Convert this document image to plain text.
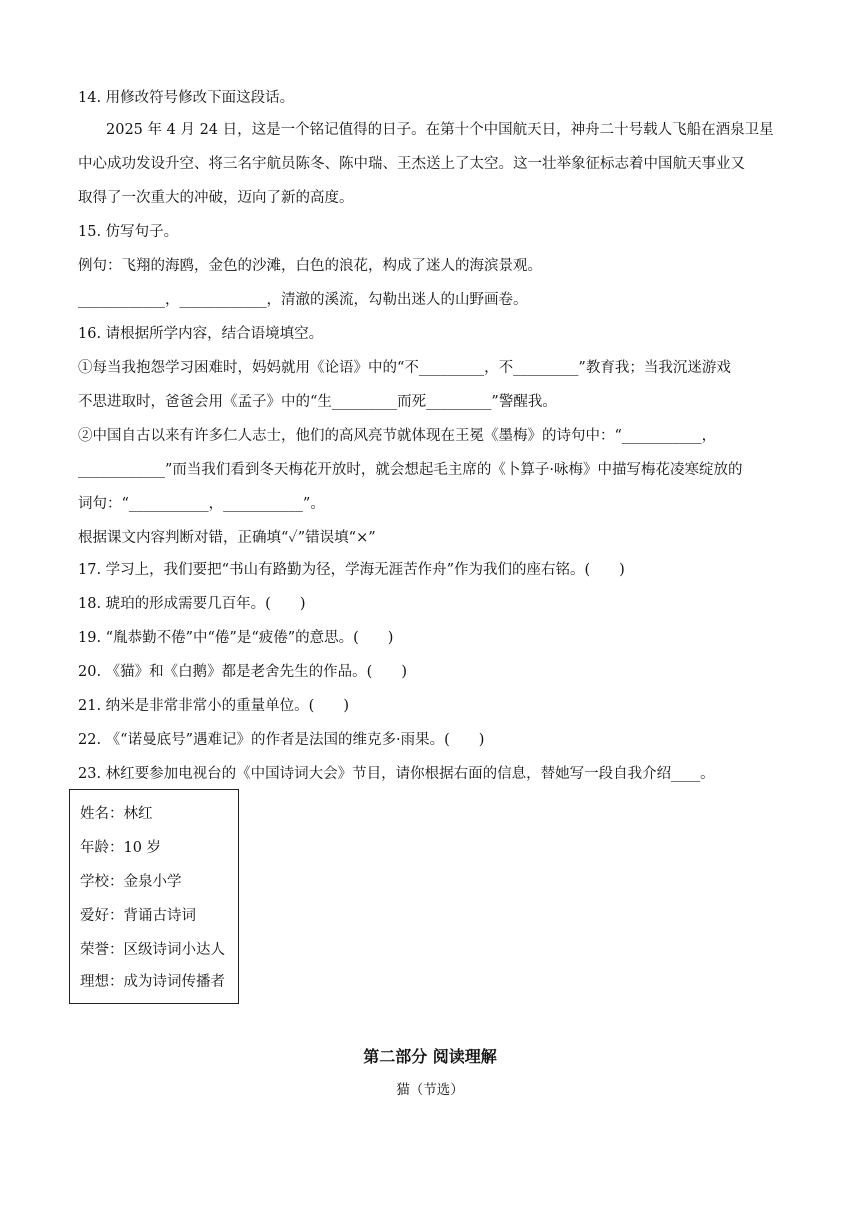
14. 用修改符号修改下面这段话。
2025 年 4 月 24 日，这是一个铭记值得的日子。在第十个中国航天日，神舟二十号载人飞船在酒泉卫星
中心成功发设升空、将三名宇航员陈冬、陈中瑞、王杰送上了太空。这一壮举象征标志着中国航天事业又
取得了一次重大的冲破，迈向了新的高度。
15. 仿写句子。
例句：飞翔的海鸥，金色的沙滩，白色的浪花，构成了迷人的海滨景观。
____________，____________，清澈的溪流，勾勒出迷人的山野画卷。
16. 请根据所学内容，结合语境填空。
①每当我抱怨学习困难时，妈妈就用《论语》中的“不_________，不_________”教育我；当我沉迷游戏
不思进取时，爸爸会用《孟子》中的“生_________而死_________”警醒我。
②中国自古以来有许多仁人志士，他们的高风亮节就体现在王冕《墨梅》的诗句中：“___________，
____________”而当我们看到冬天梅花开放时，就会想起毛主席的《卜算子·咏梅》中描写梅花凌寒绽放的
词句：“___________，___________”。
根据课文内容判断对错，正确填“✓”错误填“×”
17. 学习上，我们要把“书山有路勤为径，学海无涯苦作舟”作为我们的座右铭。(　　)
18. 琥珀的形成需要几百年。(　　)
19. “胤恭勤不倦”中“倦”是“疲倦”的意思。(　　)
20. 《猫》和《白鹅》都是老舍先生的作品。(　　)
21. 纳米是非常非常小的重量单位。(　　)
22. 《“诺曼底号”遇难记》的作者是法国的维克多·雨果。(　　)
23. 林红要参加电视台的《中国诗词大会》节目，请你根据右面的信息，替她写一段自我介绍____。
姓名：林红
年龄：10 岁
学校：金泉小学
爱好：背诵古诗词
荣誉：区级诗词小达人
理想：成为诗词传播者
第二部分 阅读理解
猫（节选）
